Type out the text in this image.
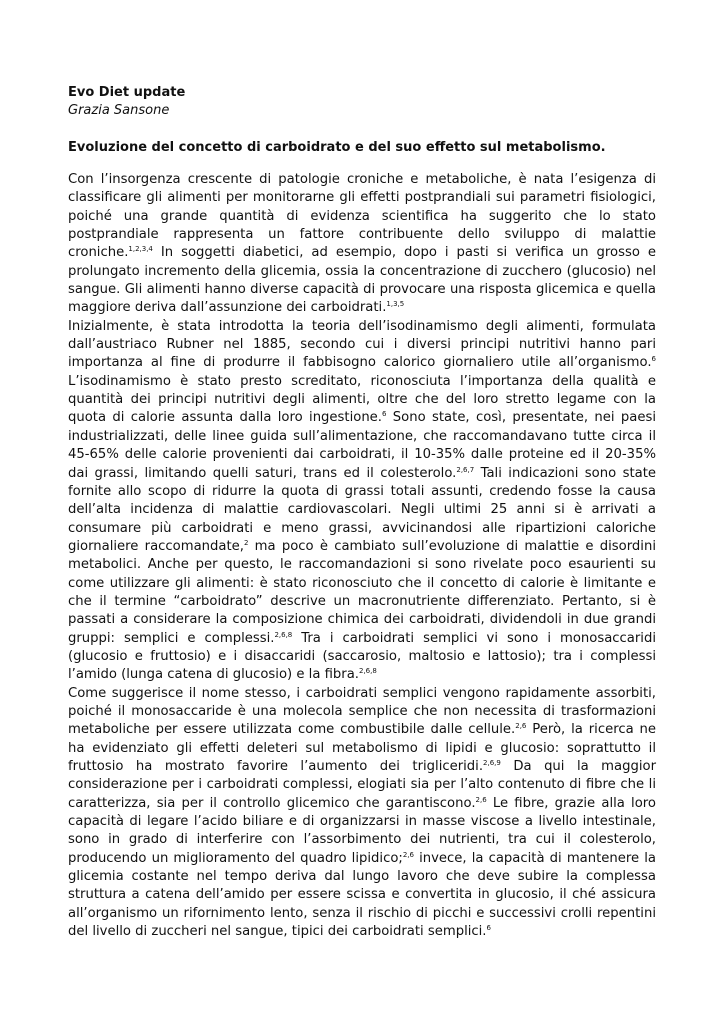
Evo Diet update

Grazia Sansone

Evoluzione del concetto di carboidrato e del suo effetto sul metabolismo.

Con l’insorgenza crescente di patologie croniche e metaboliche, è nata l’esigenza di classificare gli alimenti per monitorarne gli effetti postprandiali sui parametri fisiologici, poiché una grande quantità di evidenza scientifica ha suggerito che lo stato postprandiale rappresenta un fattore contribuente dello sviluppo di malattie croniche.$^{1,2,3,4}$ In soggetti diabetici, ad esempio, dopo i pasti si verifica un grosso e prolungato incremento della glicemia, ossia la concentrazione di zucchero (glucosio) nel sangue. Gli alimenti hanno diverse capacità di provocare una risposta glicemica e quella maggiore deriva dall’assunzione dei carboidrati.$^{1,3,5}$

Inizialmente, è stata introdotta la teoria dell’isodinamismo degli alimenti, formulata dall’austriaco Rubner nel 1885, secondo cui i diversi principi nutritivi hanno pari importanza al fine di produrre il fabbisogno calorico giornaliero utile all’organismo.$^6$ L’isodinamismo è stato presto screditato, riconosciuta l’importanza della qualità e quantità dei principi nutritivi degli alimenti, oltre che del loro stretto legame con la quota di calorie assunta dalla loro ingestione.$^6$ Sono state, così, presentate, nei paesi industrializzati, delle linee guida sull’alimentazione, che raccomandavano tutte circa il 45-65% delle calorie provenienti dai carboidrati, il 10-35% dalle proteine ed il 20-35% dai grassi, limitando quelli saturi, trans ed il colesterolo.$^{2,6,7}$ Tali indicazioni sono state fornite allo scopo di ridurre la quota di grassi totali assunti, credendo fosse la causa dell’alta incidenza di malattie cardiovascolari. Negli ultimi 25 anni si è arrivati a consumare più carboidrati e meno grassi, avvicinandosi alle ripartizioni caloriche giornaliere raccomandate,$^2$ ma poco è cambiato sull’evoluzione di malattie e disordini metabolici. Anche per questo, le raccomandazioni si sono rivelate poco esaurienti su come utilizzare gli alimenti: è stato riconosciuto che il concetto di calorie è limitante e che il termine “carboidrato” descrive un macronutriente differenziato. Pertanto, si è passati a considerare la composizione chimica dei carboidrati, dividendoli in due grandi gruppi: semplici e complessi.$^{2,6,8}$ Tra i carboidrati semplici vi sono i monosaccaridi (glucosio e fruttosio) e i disaccaridi (saccarosio, maltosio e lattosio); tra i complessi l’amido (lunga catena di glucosio) e la fibra.$^{2,6,8}$

Come suggerisce il nome stesso, i carboidrati semplici vengono rapidamente assorbiti, poiché il monosaccaride è una molecola semplice che non necessita di trasformazioni metaboliche per essere utilizzata come combustibile dalle cellule.$^{2,6}$ Però, la ricerca ne ha evidenziato gli effetti deleteri sul metabolismo di lipidi e glucosio: soprattutto il fruttosio ha mostrato favorire l’aumento dei trigliceridi.$^{2,6,9}$ Da qui la maggior considerazione per i carboidrati complessi, elogiati sia per l’alto contenuto di fibre che li caratterizza, sia per il controllo glicemico che garantiscono.$^{2,6}$ Le fibre, grazie alla loro capacità di legare l’acido biliare e di organizzarsi in masse viscose a livello intestinale, sono in grado di interferire con l’assorbimento dei nutrienti, tra cui il colesterolo, producendo un miglioramento del quadro lipidico;$^{2,6}$ invece, la capacità di mantenere la glicemia costante nel tempo deriva dal lungo lavoro che deve subire la complessa struttura a catena dell’amido per essere scissa e convertita in glucosio, il ché assicura all’organismo un rifornimento lento, senza il rischio di picchi e successivi crolli repentini del livello di zuccheri nel sangue, tipici dei carboidrati semplici.$^6$
